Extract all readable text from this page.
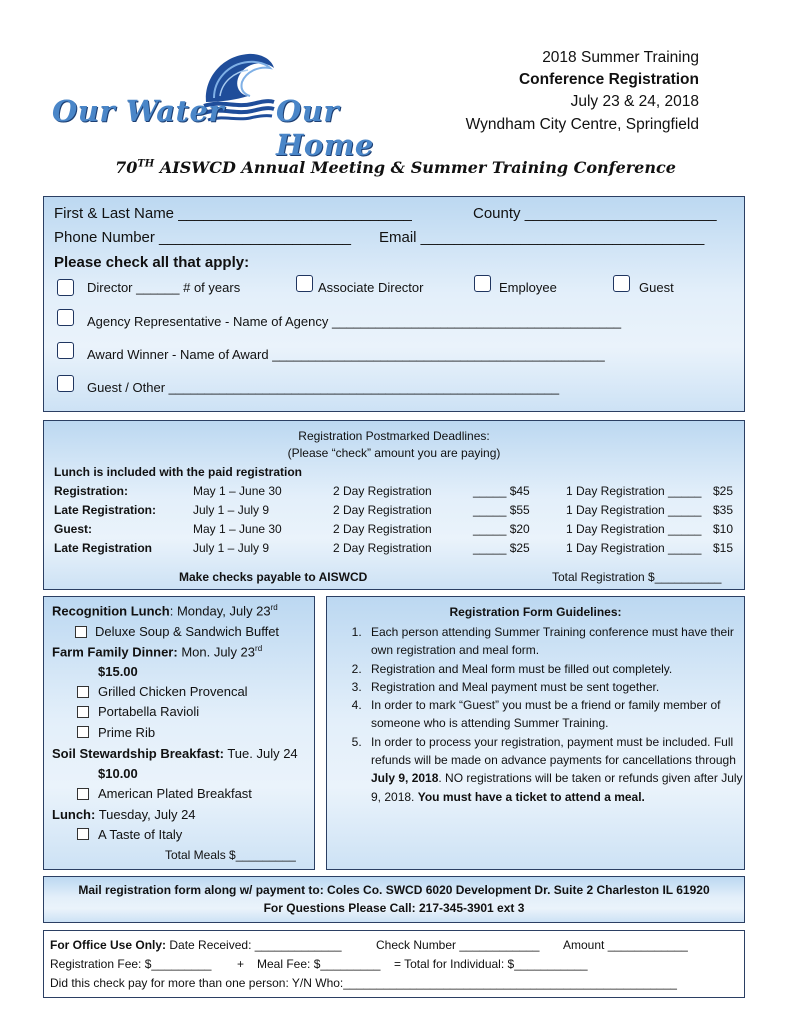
Our Water Our Home
2018 Summer Training
Conference Registration
July 23 & 24, 2018
Wyndham City Centre, Springfield
70TH AISWCD Annual Meeting & Summer Training Conference
First & Last Name ____________________________	County _______________________
Phone Number _______________________ Email __________________________________
Please check all that apply:
Director ______ # of years	Associate Director	Employee	Guest
Agency Representative - Name of Agency ________________________________________
Award Winner - Name of Award ______________________________________________
Guest / Other ______________________________________________________
Registration Postmarked Deadlines:
(Please “check” amount you are paying)
Lunch is included with the paid registration
Registration:	May 1 – June 30	2 Day Registration	_____ $45	1 Day Registration _____ $25
Late Registration:	July 1 – July 9	2 Day Registration	_____ $55	1 Day Registration _____ $35
Guest:	May 1 – June 30	2 Day Registration	_____ $20	1 Day Registration _____ $10
Late Registration	July 1 – July 9	2 Day Registration	_____ $25	1 Day Registration _____ $15
Make checks payable to AISWCD	Total Registration $__________
Recognition Lunch: Monday, July 23rd
Deluxe Soup & Sandwich Buffet
Farm Family Dinner: Mon. July 23rd
$15.00
Grilled Chicken Provencal
Portabella Ravioli
Prime Rib
Soil Stewardship Breakfast: Tue. July 24
$10.00
American Plated Breakfast
Lunch: Tuesday, July 24
A Taste of Italy
Total Meals $_________
Registration Form Guidelines:
1. Each person attending Summer Training conference must have their own registration and meal form.
2. Registration and Meal form must be filled out completely.
3. Registration and Meal payment must be sent together.
4. In order to mark “Guest” you must be a friend or family member of someone who is attending Summer Training.
5. In order to process your registration, payment must be included. Full refunds will be made on advance payments for cancellations through July 9, 2018. NO registrations will be taken or refunds given after July 9, 2018. You must have a ticket to attend a meal.
Mail registration form along w/ payment to: Coles Co. SWCD 6020 Development Dr. Suite 2 Charleston IL 61920
For Questions Please Call: 217-345-3901 ext 3
For Office Use Only: Date Received: _____________	Check Number ____________ Amount ____________
Registration Fee: $_________ + Meal Fee: $_________ = Total for Individual: $___________
Did this check pay for more than one person: Y/N Who:__________________________________________________
